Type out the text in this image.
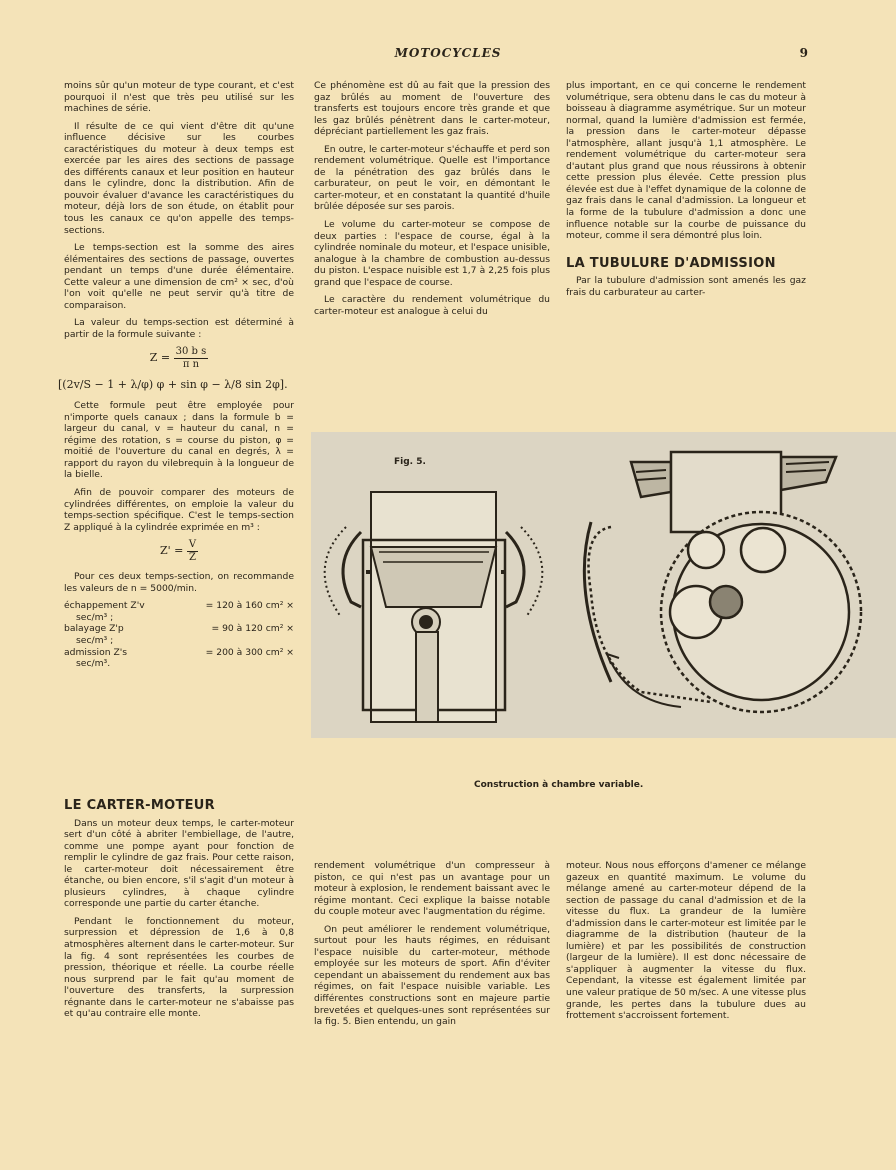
MOTOCYCLES	9

moins sûr qu'un moteur de type courant, et c'est pourquoi il n'est que très peu utilisé sur les machines de série.

Il résulte de ce qui vient d'être dit qu'une influence décisive sur les courbes caractéristiques du moteur à deux temps est exercée par les aires des sections de passage des différents canaux et leur position en hauteur dans le cylindre, donc la distribution. Afin de pouvoir évaluer d'avance les caractéristiques du moteur, déjà lors de son étude, on établit pour tous les canaux ce qu'on appelle des temps-sections.

Le temps-section est la somme des aires élémentaires des sections de passage, ouvertes pendant un temps d'une durée élémentaire. Cette valeur a une dimension de cm² × sec, d'où l'on voit qu'elle ne peut servir qu'à titre de comparaison.

La valeur du temps-section est déterminé à partir de la formule suivante :

$Z = \frac{\text{30 b s}}{\text{π n}}$
[(2v/S − 1 + λ/φ) φ + sin φ − λ/8 sin 2φ].

Cette formule peut être employée pour n'importe quels canaux ; dans la formule b = largeur du canal, v = hauteur du canal, n = régime des rotation, s = course du piston, φ = moitié de l'ouverture du canal en degrés, λ = rapport du rayon du vilebrequin à la longueur de la bielle.

Afin de pouvoir comparer des moteurs de cylindrées différentes, on emploie la valeur du temps-section spécifique. C'est le temps-section Z appliqué à la cylindrée exprimée en m³ :

$Z' = \frac{V}{Z}$

Pour ces deux temps-section, on recommande les valeurs de n = 5000/min.

échappement Z'v	= 120 à 160 cm² ×
sec/m³ ;
balayage Z'p	= 90 à 120 cm² ×
sec/m³ ;
admission Z's	= 200 à 300 cm² ×
sec/m³.

Ce phénomène est dû au fait que la pression des gaz brûlés au moment de l'ouverture des transferts est toujours encore très grande et que les gaz brûlés pénètrent dans le carter-moteur, dépréciant partiellement les gaz frais.

En outre, le carter-moteur s'échauffe et perd son rendement volumétrique. Quelle est l'importance de la pénétration des gaz brûlés dans le carburateur, on peut le voir, en démontant le carter-moteur, et en constatant la quantité d'huile brûlée déposée sur ses parois.

Le volume du carter-moteur se compose de deux parties : l'espace de course, égal à la cylindrée nominale du moteur, et l'espace unisible, analogue à la chambre de combustion au-dessus du piston. L'espace nuisible est 1,7 à 2,25 fois plus grand que l'espace de course.

Le caractère du rendement volumétrique du carter-moteur est analogue à celui du

plus important, en ce qui concerne le rendement volumétrique, sera obtenu dans le cas du moteur à boisseau à diagramme asymétrique. Sur un moteur normal, quand la lumière d'admission est fermée, la pression dans le carter-moteur dépasse l'atmosphère, allant jusqu'à 1,1 atmosphère. Le rendement volumétrique du carter-moteur sera d'autant plus grand que nous réussirons à obtenir cette pression plus élevée. Cette pression plus élevée est due à l'effet dynamique de la colonne de gaz frais dans le canal d'admission. La longueur et la forme de la tubulure d'admission a donc une influence notable sur la courbe de puissance du moteur, comme il sera démontré plus loin.

LA TUBULURE D'ADMISSION

Par la tubulure d'admission sont amenés les gaz frais du carburateur au carter-

Fig. 5.
Construction à chambre variable.

LE CARTER-MOTEUR

Dans un moteur deux temps, le carter-moteur sert d'un côté à abriter l'embiellage, de l'autre, comme une pompe ayant pour fonction de remplir le cylindre de gaz frais. Pour cette raison, le carter-moteur doit nécessairement être étanche, ou bien encore, s'il s'agit d'un moteur à plusieurs cylindres, à chaque cylindre corresponde une partie du carter étanche.

Pendant le fonctionnement du moteur, surpression et dépression de 1,6 à 0,8 atmosphères alternent dans le carter-moteur. Sur la fig. 4 sont représentées les courbes de pression, théorique et réelle. La courbe réelle nous surprend par le fait qu'au moment de l'ouverture des transferts, la surpression régnante dans le carter-moteur ne s'abaisse pas et qu'au contraire elle monte.

rendement volumétrique d'un compresseur à piston, ce qui n'est pas un avantage pour un moteur à explosion, le rendement baissant avec le régime montant. Ceci explique la baisse notable du couple moteur avec l'augmentation du régime.

On peut améliorer le rendement volumétrique, surtout pour les hauts régimes, en réduisant l'espace nuisible du carter-moteur, méthode employée sur les moteurs de sport. Afin d'éviter cependant un abaissement du rendement aux bas régimes, on fait l'espace nuisible variable. Les différentes constructions sont en majeure partie brevetées et quelques-unes sont représentées sur la fig. 5. Bien entendu, un gain

moteur. Nous nous efforçons d'amener ce mélange gazeux en quantité maximum. Le volume du mélange amené au carter-moteur dépend de la section de passage du canal d'admission et de la vitesse du flux. La grandeur de la lumière d'admission dans le carter-moteur est limitée par le diagramme de la distribution (hauteur de la lumière) et par les possibilités de construction (largeur de la lumière). Il est donc nécessaire de s'appliquer à augmenter la vitesse du flux. Cependant, la vitesse est également limitée par une valeur pratique de 50 m/sec. A une vitesse plus grande, les pertes dans la tubulure dues au frottement s'accroissent fortement.
